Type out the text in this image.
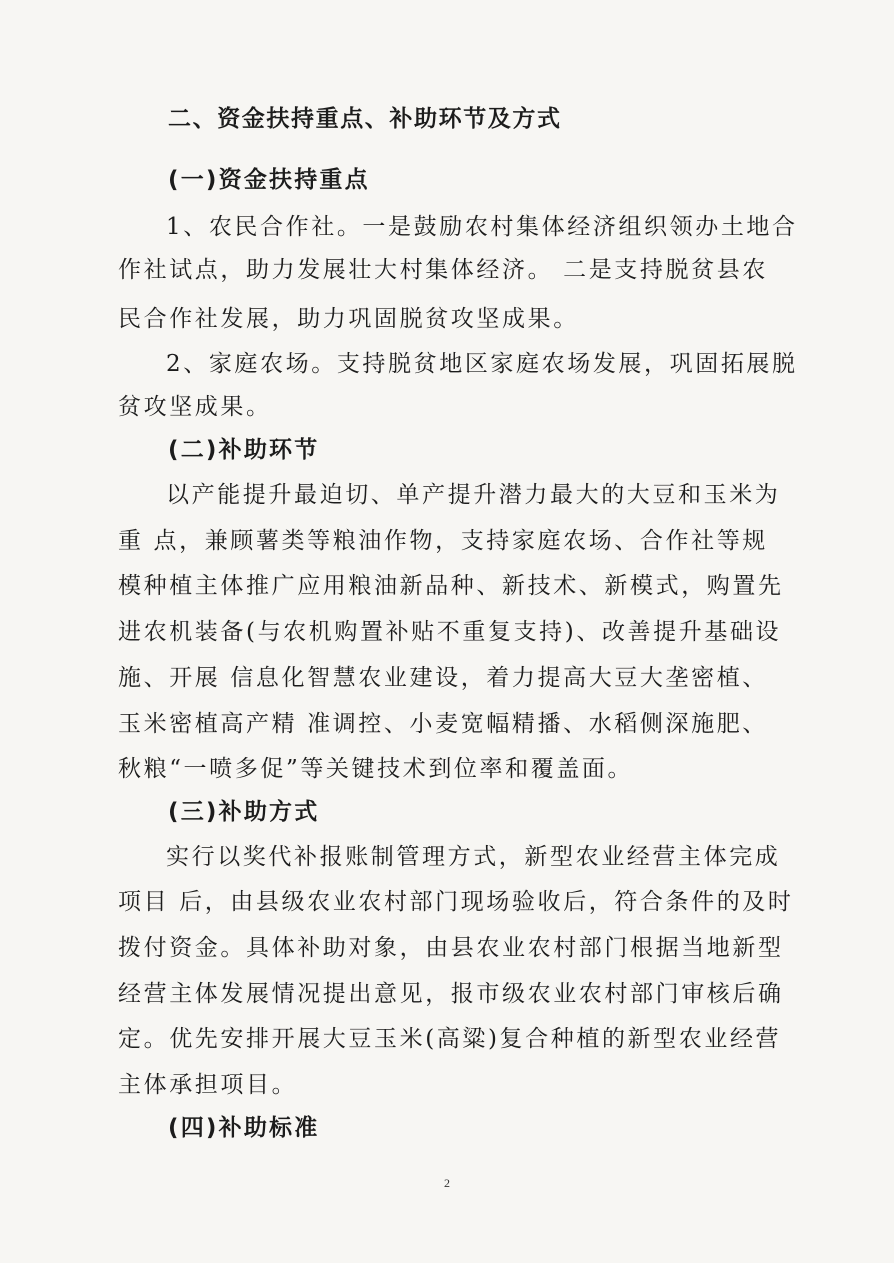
二、资金扶持重点、补助环节及方式
(一)资金扶持重点
1、农民合作社。一是鼓励农村集体经济组织领办土地合
作社试点，助力发展壮大村集体经济。 二是支持脱贫县农
民合作社发展，助力巩固脱贫攻坚成果。
2、家庭农场。支持脱贫地区家庭农场发展，巩固拓展脱
贫攻坚成果。
(二)补助环节
以产能提升最迫切、单产提升潜力最大的大豆和玉米为
重 点，兼顾薯类等粮油作物，支持家庭农场、合作社等规
模种植主体推广应用粮油新品种、新技术、新模式，购置先
进农机装备(与农机购置补贴不重复支持)、改善提升基础设
施、开展 信息化智慧农业建设，着力提高大豆大垄密植、
玉米密植高产精 准调控、小麦宽幅精播、水稻侧深施肥、
秋粮“一喷多促”等关键技术到位率和覆盖面。
(三)补助方式
实行以奖代补报账制管理方式，新型农业经营主体完成
项目 后，由县级农业农村部门现场验收后，符合条件的及时
拨付资金。具体补助对象，由县农业农村部门根据当地新型
经营主体发展情况提出意见，报市级农业农村部门审核后确
定。优先安排开展大豆玉米(高粱)复合种植的新型农业经营
主体承担项目。
(四)补助标准
2
